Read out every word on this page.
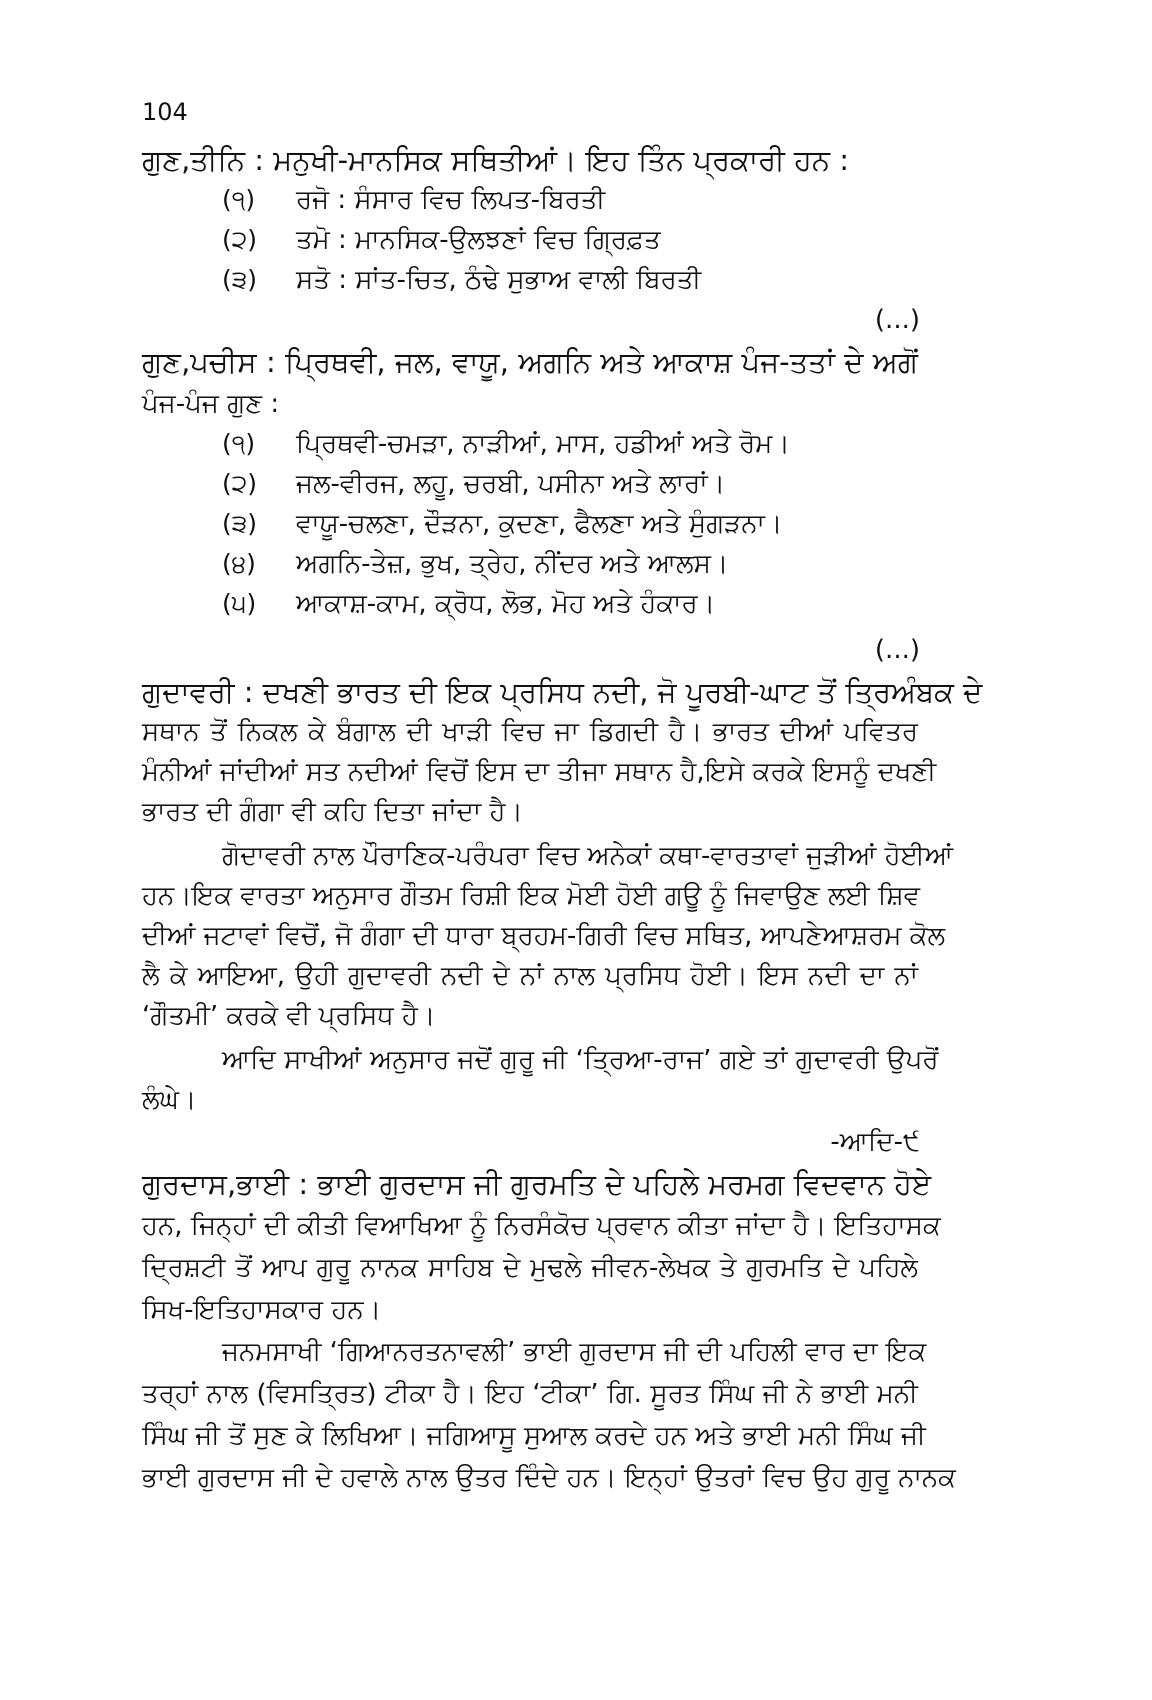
104
ਗੁਣ,ਤੀਨਿ : ਮਨੁਖੀ-ਮਾਨਸਿਕ ਸਥਿਤੀਆਂ। ਇਹ ਤਿੰਨ ਪ੍ਰਕਾਰੀ ਹਨ :
(੧) ਰਜੋ : ਸੰਸਾਰ ਵਿਚ ਲਿਪਤ-ਬਿਰਤੀ
(੨) ਤਮੋ : ਮਾਨਸਿਕ-ਉਲਝਣਾਂ ਵਿਚ ਗ੍ਰਿਫ਼ਤ
(੩) ਸਤੋ : ਸਾਂਤ-ਚਿਤ, ਠੰਢੇ ਸੁਭਾਅ ਵਾਲੀ ਬਿਰਤੀ
(...)
ਗੁਣ,ਪਚੀਸ : ਪ੍ਰਿਥਵੀ, ਜਲ, ਵਾਯੂ, ਅਗਨਿ ਅਤੇ ਆਕਾਸ਼ ਪੰਜ-ਤਤਾਂ ਦੇ ਅਗੋਂ
ਪੰਜ-ਪੰਜ ਗੁਣ :
(੧) ਪ੍ਰਿਥਵੀ-ਚਮੜਾ, ਨਾੜੀਆਂ, ਮਾਸ, ਹਡੀਆਂ ਅਤੇ ਰੋਮ।
(੨) ਜਲ-ਵੀਰਜ, ਲਹੂ, ਚਰਬੀ, ਪਸੀਨਾ ਅਤੇ ਲਾਰਾਂ।
(੩) ਵਾਯੂ-ਚਲਣਾ, ਦੌੜਨਾ, ਕੁਦਣਾ, ਫੈਲਣਾ ਅਤੇ ਸੁੰਗੜਨਾ।
(੪) ਅਗਨਿ-ਤੇਜ਼, ਭੁਖ, ਤ੍ਰੇਹ, ਨੀਂਦਰ ਅਤੇ ਆਲਸ।
(੫) ਆਕਾਸ਼-ਕਾਮ, ਕ੍ਰੋਧ, ਲੋਭ, ਮੋਹ ਅਤੇ ਹੰਕਾਰ।
(...)
ਗੁਦਾਵਰੀ : ਦਖਣੀ ਭਾਰਤ ਦੀ ਇਕ ਪ੍ਰਸਿਧ ਨਦੀ, ਜੋ ਪੂਰਬੀ-ਘਾਟ ਤੋਂ ਤ੍ਰਿਅੰਬਕ ਦੇ
ਸਥਾਨ ਤੋਂ ਨਿਕਲ ਕੇ ਬੰਗਾਲ ਦੀ ਖਾੜੀ ਵਿਚ ਜਾ ਡਿਗਦੀ ਹੈ। ਭਾਰਤ ਦੀਆਂ ਪਵਿਤਰ
ਮੰਨੀਆਂ ਜਾਂਦੀਆਂ ਸਤ ਨਦੀਆਂ ਵਿਚੋਂ ਇਸ ਦਾ ਤੀਜਾ ਸਥਾਨ ਹੈ,ਇਸੇ ਕਰਕੇ ਇਸਨੂੰ ਦਖਣੀ
ਭਾਰਤ ਦੀ ਗੰਗਾ ਵੀ ਕਹਿ ਦਿਤਾ ਜਾਂਦਾ ਹੈ।
ਗੋਦਾਵਰੀ ਨਾਲ ਪੌਰਾਣਿਕ-ਪਰੰਪਰਾ ਵਿਚ ਅਨੇਕਾਂ ਕਥਾ-ਵਾਰਤਾਵਾਂ ਜੁੜੀਆਂ ਹੋਈਆਂ
ਹਨ।ਇਕ ਵਾਰਤਾ ਅਨੁਸਾਰ ਗੌਤਮ ਰਿਸ਼ੀ ਇਕ ਮੋਈ ਹੋਈ ਗਊ ਨੂੰ ਜਿਵਾਉਣ ਲਈ ਸ਼ਿਵ
ਦੀਆਂ ਜਟਾਵਾਂ ਵਿਚੋਂ, ਜੋ ਗੰਗਾ ਦੀ ਧਾਰਾ ਬ੍ਰਹਮ-ਗਿਰੀ ਵਿਚ ਸਥਿਤ, ਆਪਣੇਆਸ਼ਰਮ ਕੋਲ
ਲੈ ਕੇ ਆਇਆ, ਉਹੀ ਗੁਦਾਵਰੀ ਨਦੀ ਦੇ ਨਾਂ ਨਾਲ ਪ੍ਰਸਿਧ ਹੋਈ। ਇਸ ਨਦੀ ਦਾ ਨਾਂ
‘ਗੌਤਮੀ’ ਕਰਕੇ ਵੀ ਪ੍ਰਸਿਧ ਹੈ।
ਆਦਿ ਸਾਖੀਆਂ ਅਨੁਸਾਰ ਜਦੋਂ ਗੁਰੂ ਜੀ ‘ਤ੍ਰਿਆ-ਰਾਜ’ ਗਏ ਤਾਂ ਗੁਦਾਵਰੀ ਉਪਰੋਂ
ਲੰਘੇ।
-ਆਦਿ-੯
ਗੁਰਦਾਸ,ਭਾਈ : ਭਾਈ ਗੁਰਦਾਸ ਜੀ ਗੁਰਮਤਿ ਦੇ ਪਹਿਲੇ ਮਰਮਗ ਵਿਦਵਾਨ ਹੋਏ
ਹਨ, ਜਿਨ੍ਹਾਂ ਦੀ ਕੀਤੀ ਵਿਆਖਿਆ ਨੂੰ ਨਿਰਸੰਕੋਚ ਪ੍ਰਵਾਨ ਕੀਤਾ ਜਾਂਦਾ ਹੈ। ਇਤਿਹਾਸਕ
ਦ੍ਰਿਸ਼ਟੀ ਤੋਂ ਆਪ ਗੁਰੂ ਨਾਨਕ ਸਾਹਿਬ ਦੇ ਮੁਢਲੇ ਜੀਵਨ-ਲੇਖਕ ਤੇ ਗੁਰਮਤਿ ਦੇ ਪਹਿਲੇ
ਸਿਖ-ਇਤਿਹਾਸਕਾਰ ਹਨ।
ਜਨਮਸਾਖੀ ‘ਗਿਆਨਰਤਨਾਵਲੀ’ ਭਾਈ ਗੁਰਦਾਸ ਜੀ ਦੀ ਪਹਿਲੀ ਵਾਰ ਦਾ ਇਕ
ਤਰ੍ਹਾਂ ਨਾਲ (ਵਿਸਤ੍ਰਿਤ) ਟੀਕਾ ਹੈ। ਇਹ ‘ਟੀਕਾ’ ਗਿ. ਸੂਰਤ ਸਿੰਘ ਜੀ ਨੇ ਭਾਈ ਮਨੀ
ਸਿੰਘ ਜੀ ਤੋਂ ਸੁਣ ਕੇ ਲਿਖਿਆ। ਜਗਿਆਸੂ ਸੁਆਲ ਕਰਦੇ ਹਨ ਅਤੇ ਭਾਈ ਮਨੀ ਸਿੰਘ ਜੀ
ਭਾਈ ਗੁਰਦਾਸ ਜੀ ਦੇ ਹਵਾਲੇ ਨਾਲ ਉਤਰ ਦਿੰਦੇ ਹਨ। ਇਨ੍ਹਾਂ ਉਤਰਾਂ ਵਿਚ ਉਹ ਗੁਰੂ ਨਾਨਕ
